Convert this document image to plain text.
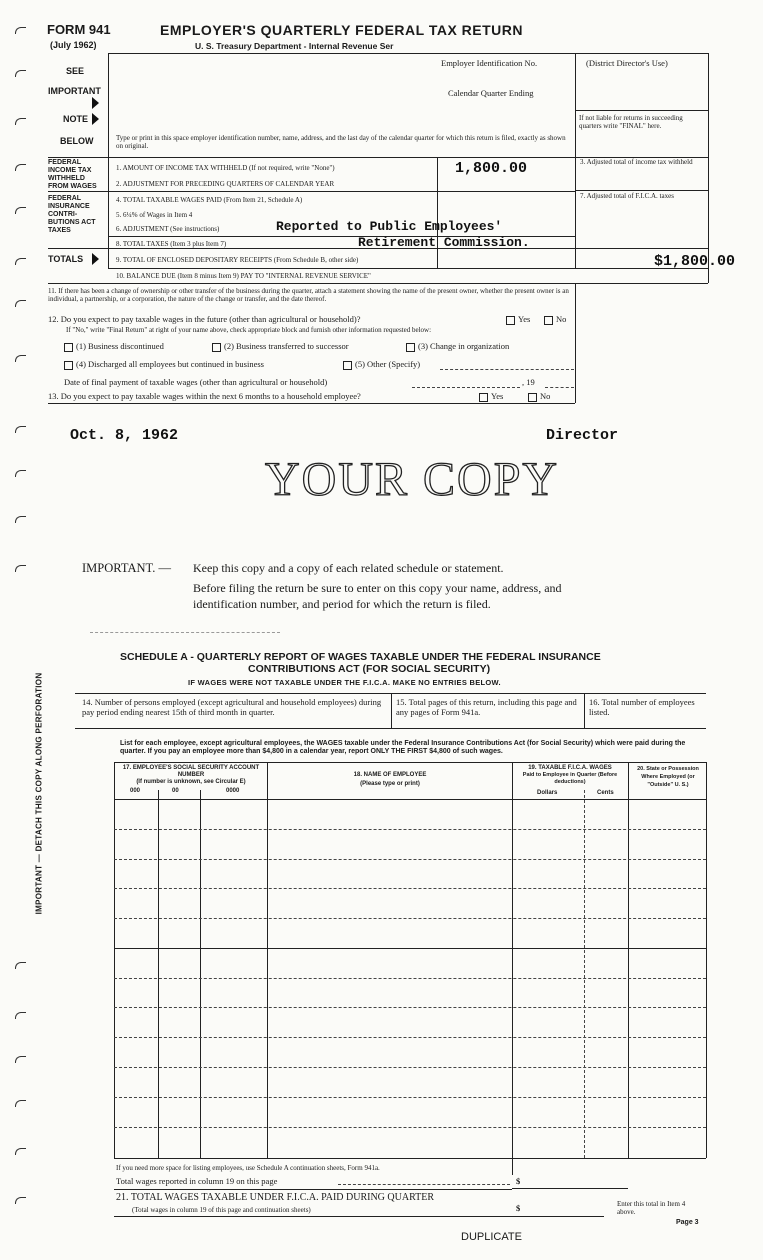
FORM 941
(July 1962)
EMPLOYER'S QUARTERLY FEDERAL TAX RETURN
U. S. Treasury Department - Internal Revenue Ser
Employer Identification No.	(District Director's Use)
Calendar Quarter Ending
If not liable for returns in succeeding quarters write "FINAL" here.
Type or print in this space employer identification number, name, address, and the last day of the calendar quarter for which this return is filed, exactly as shown on original.
SEE
IMPORTANT
NOTE
BELOW
FEDERAL INCOME TAX WITHHELD FROM WAGES
FEDERAL INSURANCE CONTRI- BUTIONS ACT TAXES
TOTALS
1. AMOUNT OF INCOME TAX WITHHELD (If not required, write "None")	1,800.00
2. ADJUSTMENT FOR PRECEDING QUARTERS OF CALENDAR YEAR
3. Adjusted total of income tax withheld
4. TOTAL TAXABLE WAGES PAID (From Item 21, Schedule A)
5. 6¼% of Wages in Item 4
6. ADJUSTMENT (See instructions)
7. Adjusted total of F.I.C.A. taxes
Reported to Public Employees'
Retirement Commission.
8. TOTAL TAXES (Item 3 plus Item 7)
9. TOTAL OF ENCLOSED DEPOSITARY RECEIPTS (From Schedule B, other side)	$1,800.00
10. BALANCE DUE (Item 8 minus Item 9) PAY TO "INTERNAL REVENUE SERVICE"
11. If there has been a change of ownership or other transfer of the business during the quarter, attach a statement showing the name of the present owner, whether the present owner is an individual, a partnership, or a corporation, the nature of the change or transfer, and the date thereof.
12. Do you expect to pay taxable wages in the future (other than agricultural or household)?	Yes	No
If "No," write "Final Return" at right of your name above, check appropriate block and furnish other information requested below:
(1) Business discontinued	(2) Business transferred to successor	(3) Change in organization
(4) Discharged all employees but continued in business	(5) Other (Specify)
Date of final payment of taxable wages (other than agricultural or household)	, 19
13. Do you expect to pay taxable wages within the next 6 months to a household employee?	Yes	No
Oct. 8, 1962	Director
YOUR COPY
IMPORTANT. — Keep this copy and a copy of each related schedule or statement.
Before filing the return be sure to enter on this copy your name, address, and
identification number, and period for which the return is filed.
IMPORTANT — DETACH THIS COPY ALONG PERFORATION
SCHEDULE A - QUARTERLY REPORT OF WAGES TAXABLE UNDER THE FEDERAL INSURANCE
CONTRIBUTIONS ACT (FOR SOCIAL SECURITY)
IF WAGES WERE NOT TAXABLE UNDER THE F.I.C.A. MAKE NO ENTRIES BELOW.
14. Number of persons employed (except agricultural and household employees) during pay period ending nearest 15th of third month in quarter.
15. Total pages of this return, including this page and any pages of Form 941a.
16. Total number of employees listed.
List for each employee, except agricultural employees, the WAGES taxable under the Federal Insurance Contributions Act (for Social Security) which were paid during the quarter. If you pay an employee more than $4,800 in a calendar year, report ONLY THE FIRST $4,800 of such wages.
17. EMPLOYEE'S SOCIAL SECURITY ACCOUNT NUMBER
(If number is unknown, see Circular E)
000	00	0000
18. NAME OF EMPLOYEE
(Please type or print)
19. TAXABLE F.I.C.A. WAGES
Paid to Employee in Quarter (Before deductions)
Dollars	Cents
20. State or Possession Where Employed (or "Outside" U. S.)
If you need more space for listing employees, use Schedule A continuation sheets, Form 941a.
Total wages reported in column 19 on this page	$
21. TOTAL WAGES TAXABLE UNDER F.I.C.A. PAID DURING QUARTER
(Total wages in column 19 of this page and continuation sheets)	$	Enter this total in Item 4 above.
Page 3
DUPLICATE
